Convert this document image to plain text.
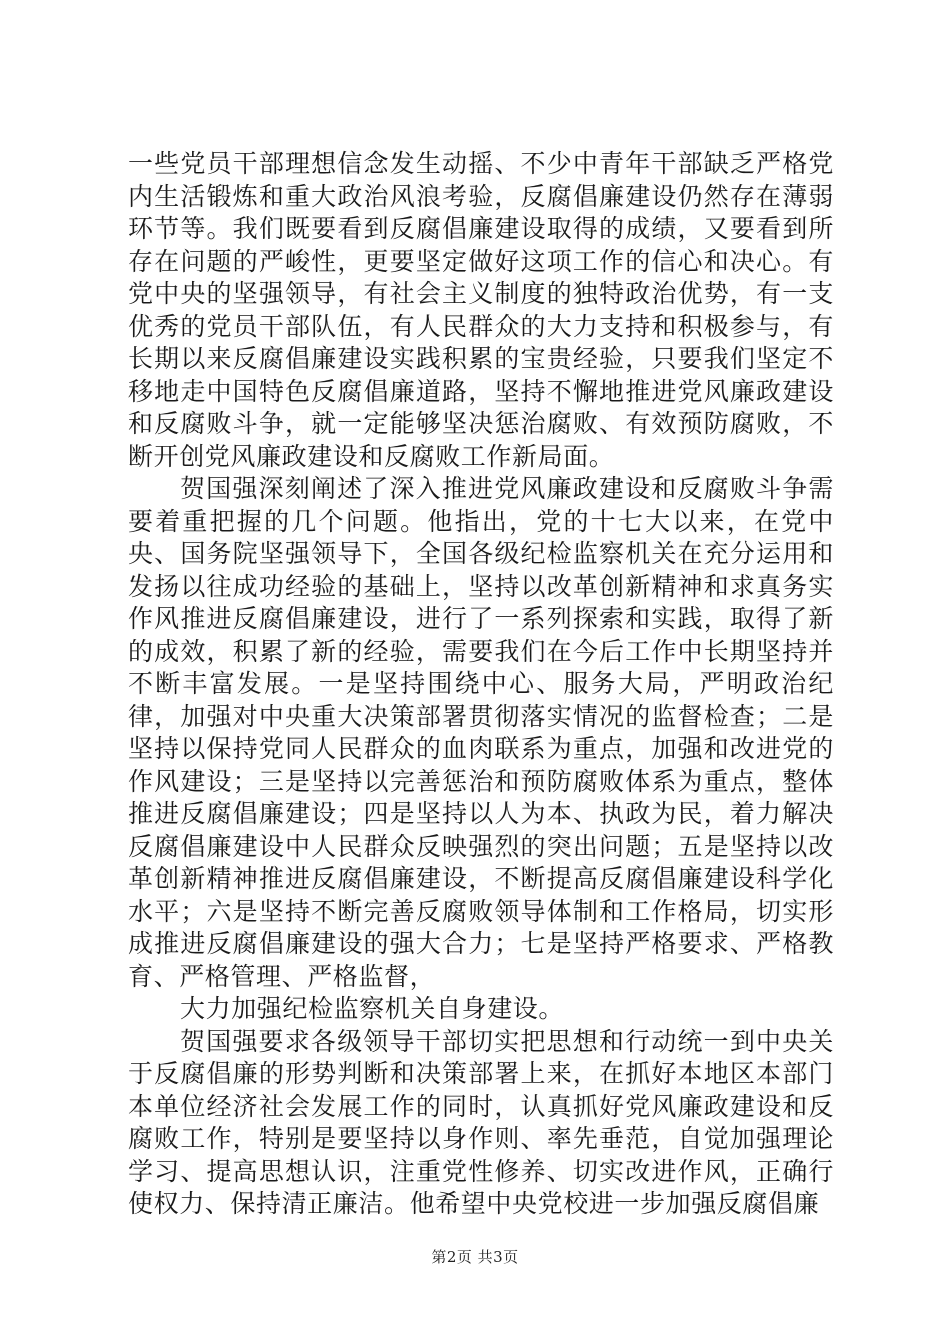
一些党员干部理想信念发生动摇、不少中青年干部缺乏严格党内生活锻炼和重大政治风浪考验，反腐倡廉建设仍然存在薄弱环节等。我们既要看到反腐倡廉建设取得的成绩，又要看到所存在问题的严峻性，更要坚定做好这项工作的信心和决心。有党中央的坚强领导，有社会主义制度的独特政治优势，有一支优秀的党员干部队伍，有人民群众的大力支持和积极参与，有长期以来反腐倡廉建设实践积累的宝贵经验，只要我们坚定不移地走中国特色反腐倡廉道路，坚持不懈地推进党风廉政建设和反腐败斗争，就一定能够坚决惩治腐败、有效预防腐败，不断开创党风廉政建设和反腐败工作新局面。

贺国强深刻阐述了深入推进党风廉政建设和反腐败斗争需要着重把握的几个问题。他指出，党的十七大以来，在党中央、国务院坚强领导下，全国各级纪检监察机关在充分运用和发扬以往成功经验的基础上，坚持以改革创新精神和求真务实作风推进反腐倡廉建设，进行了一系列探索和实践，取得了新的成效，积累了新的经验，需要我们在今后工作中长期坚持并不断丰富发展。一是坚持围绕中心、服务大局，严明政治纪律，加强对中央重大决策部署贯彻落实情况的监督检查；二是坚持以保持党同人民群众的血肉联系为重点，加强和改进党的作风建设；三是坚持以完善惩治和预防腐败体系为重点，整体推进反腐倡廉建设；四是坚持以人为本、执政为民，着力解决反腐倡廉建设中人民群众反映强烈的突出问题；五是坚持以改革创新精神推进反腐倡廉建设，不断提高反腐倡廉建设科学化水平；六是坚持不断完善反腐败领导体制和工作格局，切实形成推进反腐倡廉建设的强大合力；七是坚持严格要求、严格教育、严格管理、严格监督，

大力加强纪检监察机关自身建设。

贺国强要求各级领导干部切实把思想和行动统一到中央关于反腐倡廉的形势判断和决策部署上来，在抓好本地区本部门本单位经济社会发展工作的同时，认真抓好党风廉政建设和反腐败工作，特别是要坚持以身作则、率先垂范，自觉加强理论学习、提高思想认识，注重党性修养、切实改进作风，正确行使权力、保持清正廉洁。他希望中央党校进一步加强反腐倡廉

第2页 共3页
